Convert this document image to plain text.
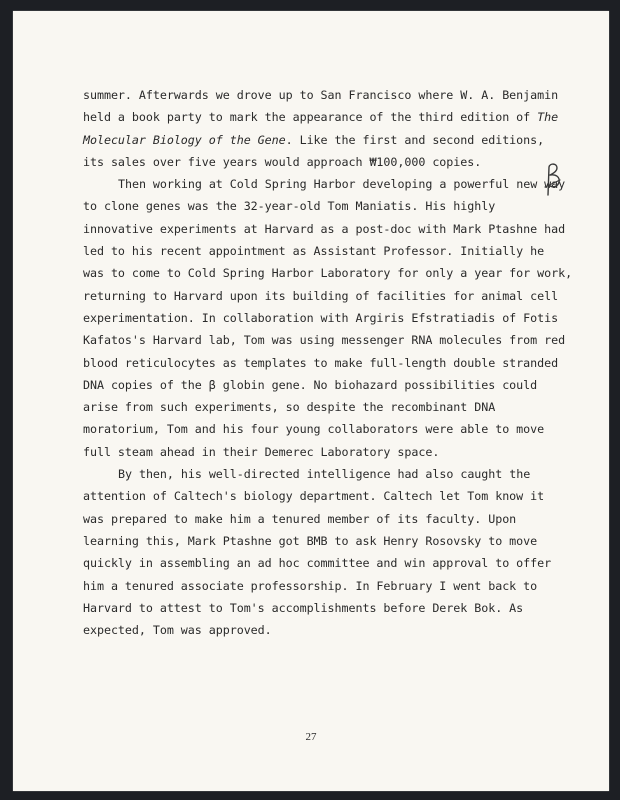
summer. Afterwards we drove up to San Francisco where W. A. Benjamin
held a book party to mark the appearance of the third edition of The
Molecular Biology of the Gene. Like the first and second editions,
its sales over five years would approach ₩100,000 copies.
Then working at Cold Spring Harbor developing a powerful new way
to clone genes was the 32-year-old Tom Maniatis. His highly
innovative experiments at Harvard as a post-doc with Mark Ptashne had
led to his recent appointment as Assistant Professor. Initially he
was to come to Cold Spring Harbor Laboratory for only a year for work,
returning to Harvard upon its building of facilities for animal cell
experimentation. In collaboration with Argiris Efstratiadis of Fotis
Kafatos's Harvard lab, Tom was using messenger RNA molecules from red
blood reticulocytes as templates to make full-length double stranded
DNA copies of the β globin gene. No biohazard possibilities could
arise from such experiments, so despite the recombinant DNA
moratorium, Tom and his four young collaborators were able to move
full steam ahead in their Demerec Laboratory space.
By then, his well-directed intelligence had also caught the
attention of Caltech's biology department. Caltech let Tom know it
was prepared to make him a tenured member of its faculty. Upon
learning this, Mark Ptashne got BMB to ask Henry Rosovsky to move
quickly in assembling an ad hoc committee and win approval to offer
him a tenured associate professorship. In February I went back to
Harvard to attest to Tom's accomplishments before Derek Bok. As
expected, Tom was approved.
27
